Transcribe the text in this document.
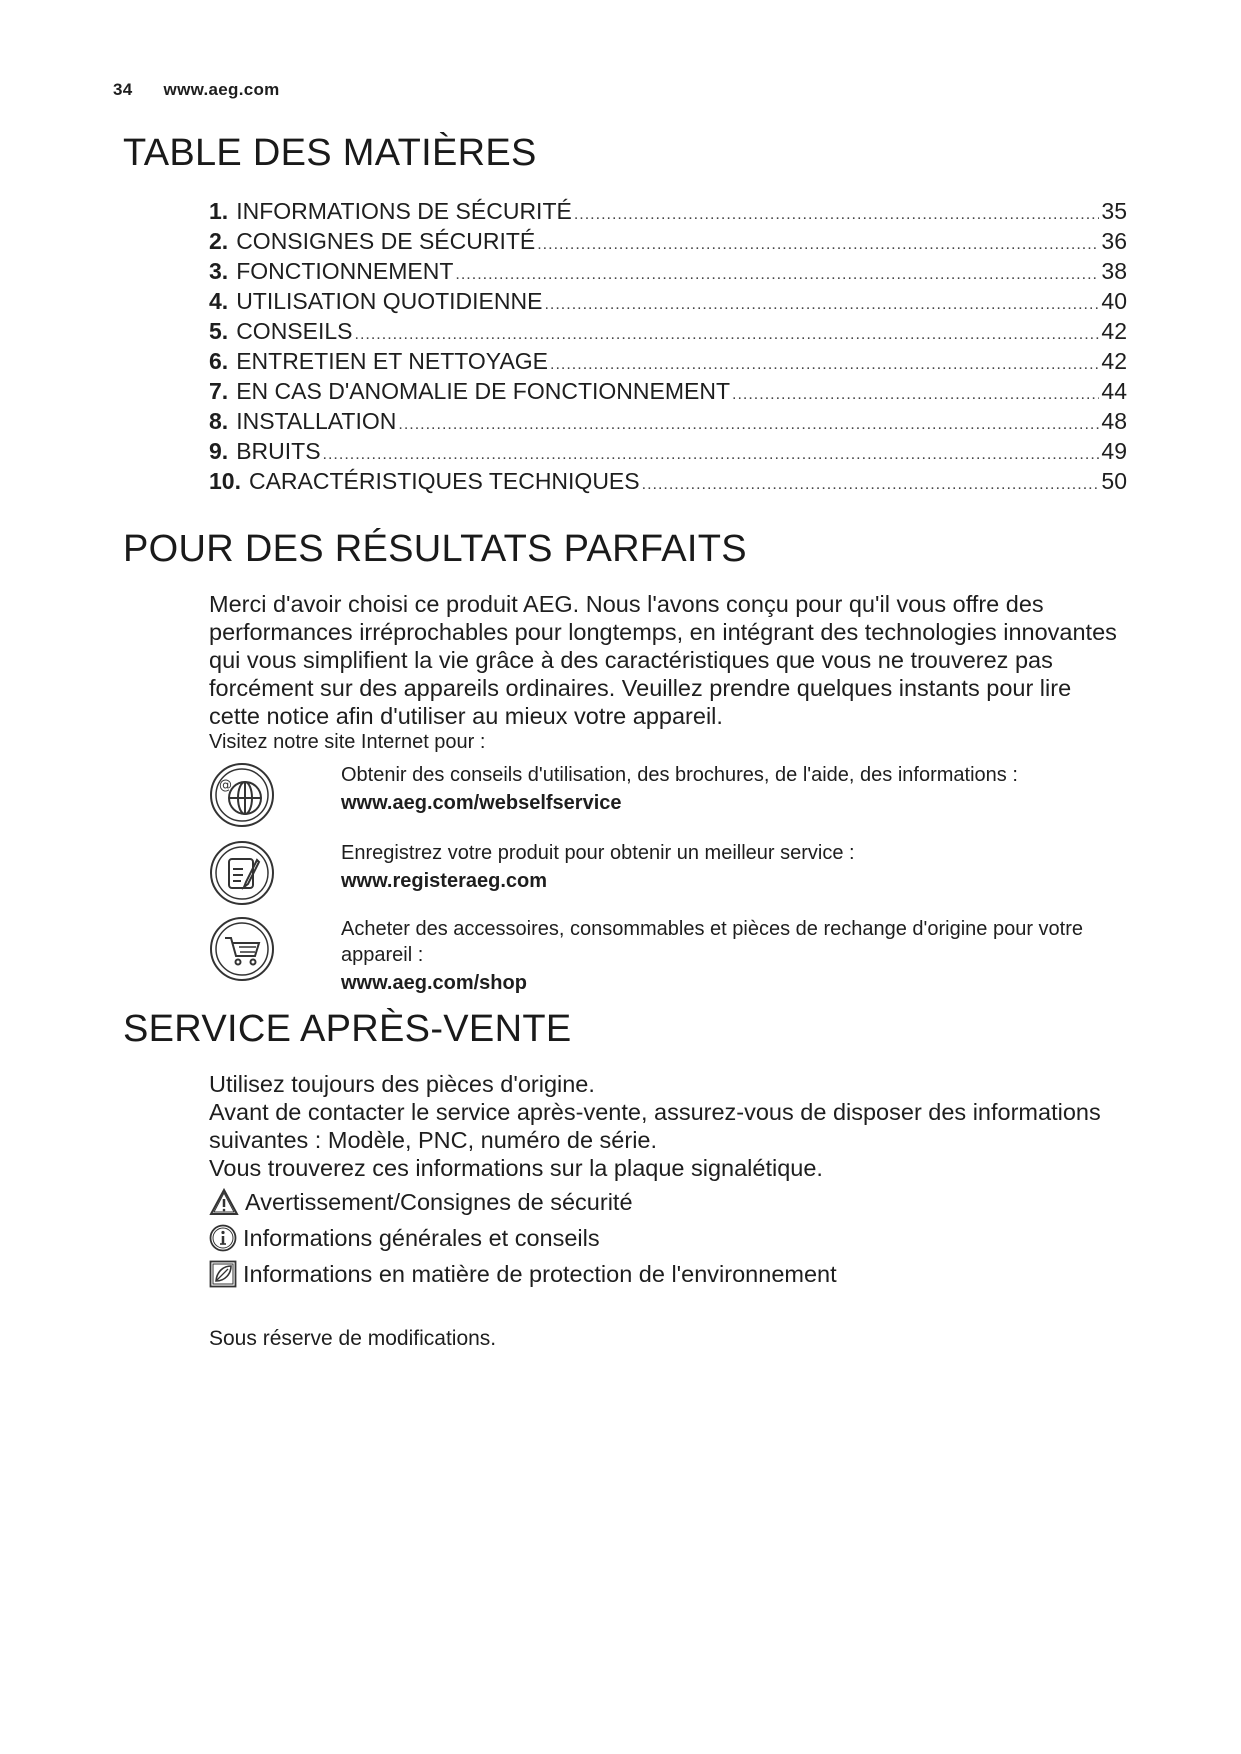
34 www.aeg.com
TABLE DES MATIÈRES
1. INFORMATIONS DE SÉCURITÉ .....	35
2. CONSIGNES DE SÉCURITÉ .....	36
3. FONCTIONNEMENT .....	38
4. UTILISATION QUOTIDIENNE .....	40
5. CONSEILS .....	42
6. ENTRETIEN ET NETTOYAGE .....	42
7. EN CAS D'ANOMALIE DE FONCTIONNEMENT .....	44
8. INSTALLATION .....	48
9. BRUITS .....	49
10. CARACTÉRISTIQUES TECHNIQUES .....	50
POUR DES RÉSULTATS PARFAITS

Merci d'avoir choisi ce produit AEG. Nous l'avons conçu pour qu'il vous offre des performances irréprochables pour longtemps, en intégrant des technologies innovantes qui vous simplifient la vie grâce à des caractéristiques que vous ne trouverez pas forcément sur des appareils ordinaires. Veuillez prendre quelques instants pour lire cette notice afin d'utiliser au mieux votre appareil.

Visitez notre site Internet pour :

@	Obtenir des conseils d'utilisation, des brochures, de l'aide, des informations :
www.aeg.com/webselfservice
Enregistrez votre produit pour obtenir un meilleur service :
www.registeraeg.com
Acheter des accessoires, consommables et pièces de rechange d'origine pour votre appareil :
www.aeg.com/shop
SERVICE APRÈS-VENTE

Utilisez toujours des pièces d'origine.
Avant de contacter le service après-vente, assurez-vous de disposer des informations suivantes : Modèle, PNC, numéro de série.
Vous trouverez ces informations sur la plaque signalétique.

Avertissement/Consignes de sécurité
Informations générales et conseils
Informations en matière de protection de l'environnement

Sous réserve de modifications.
